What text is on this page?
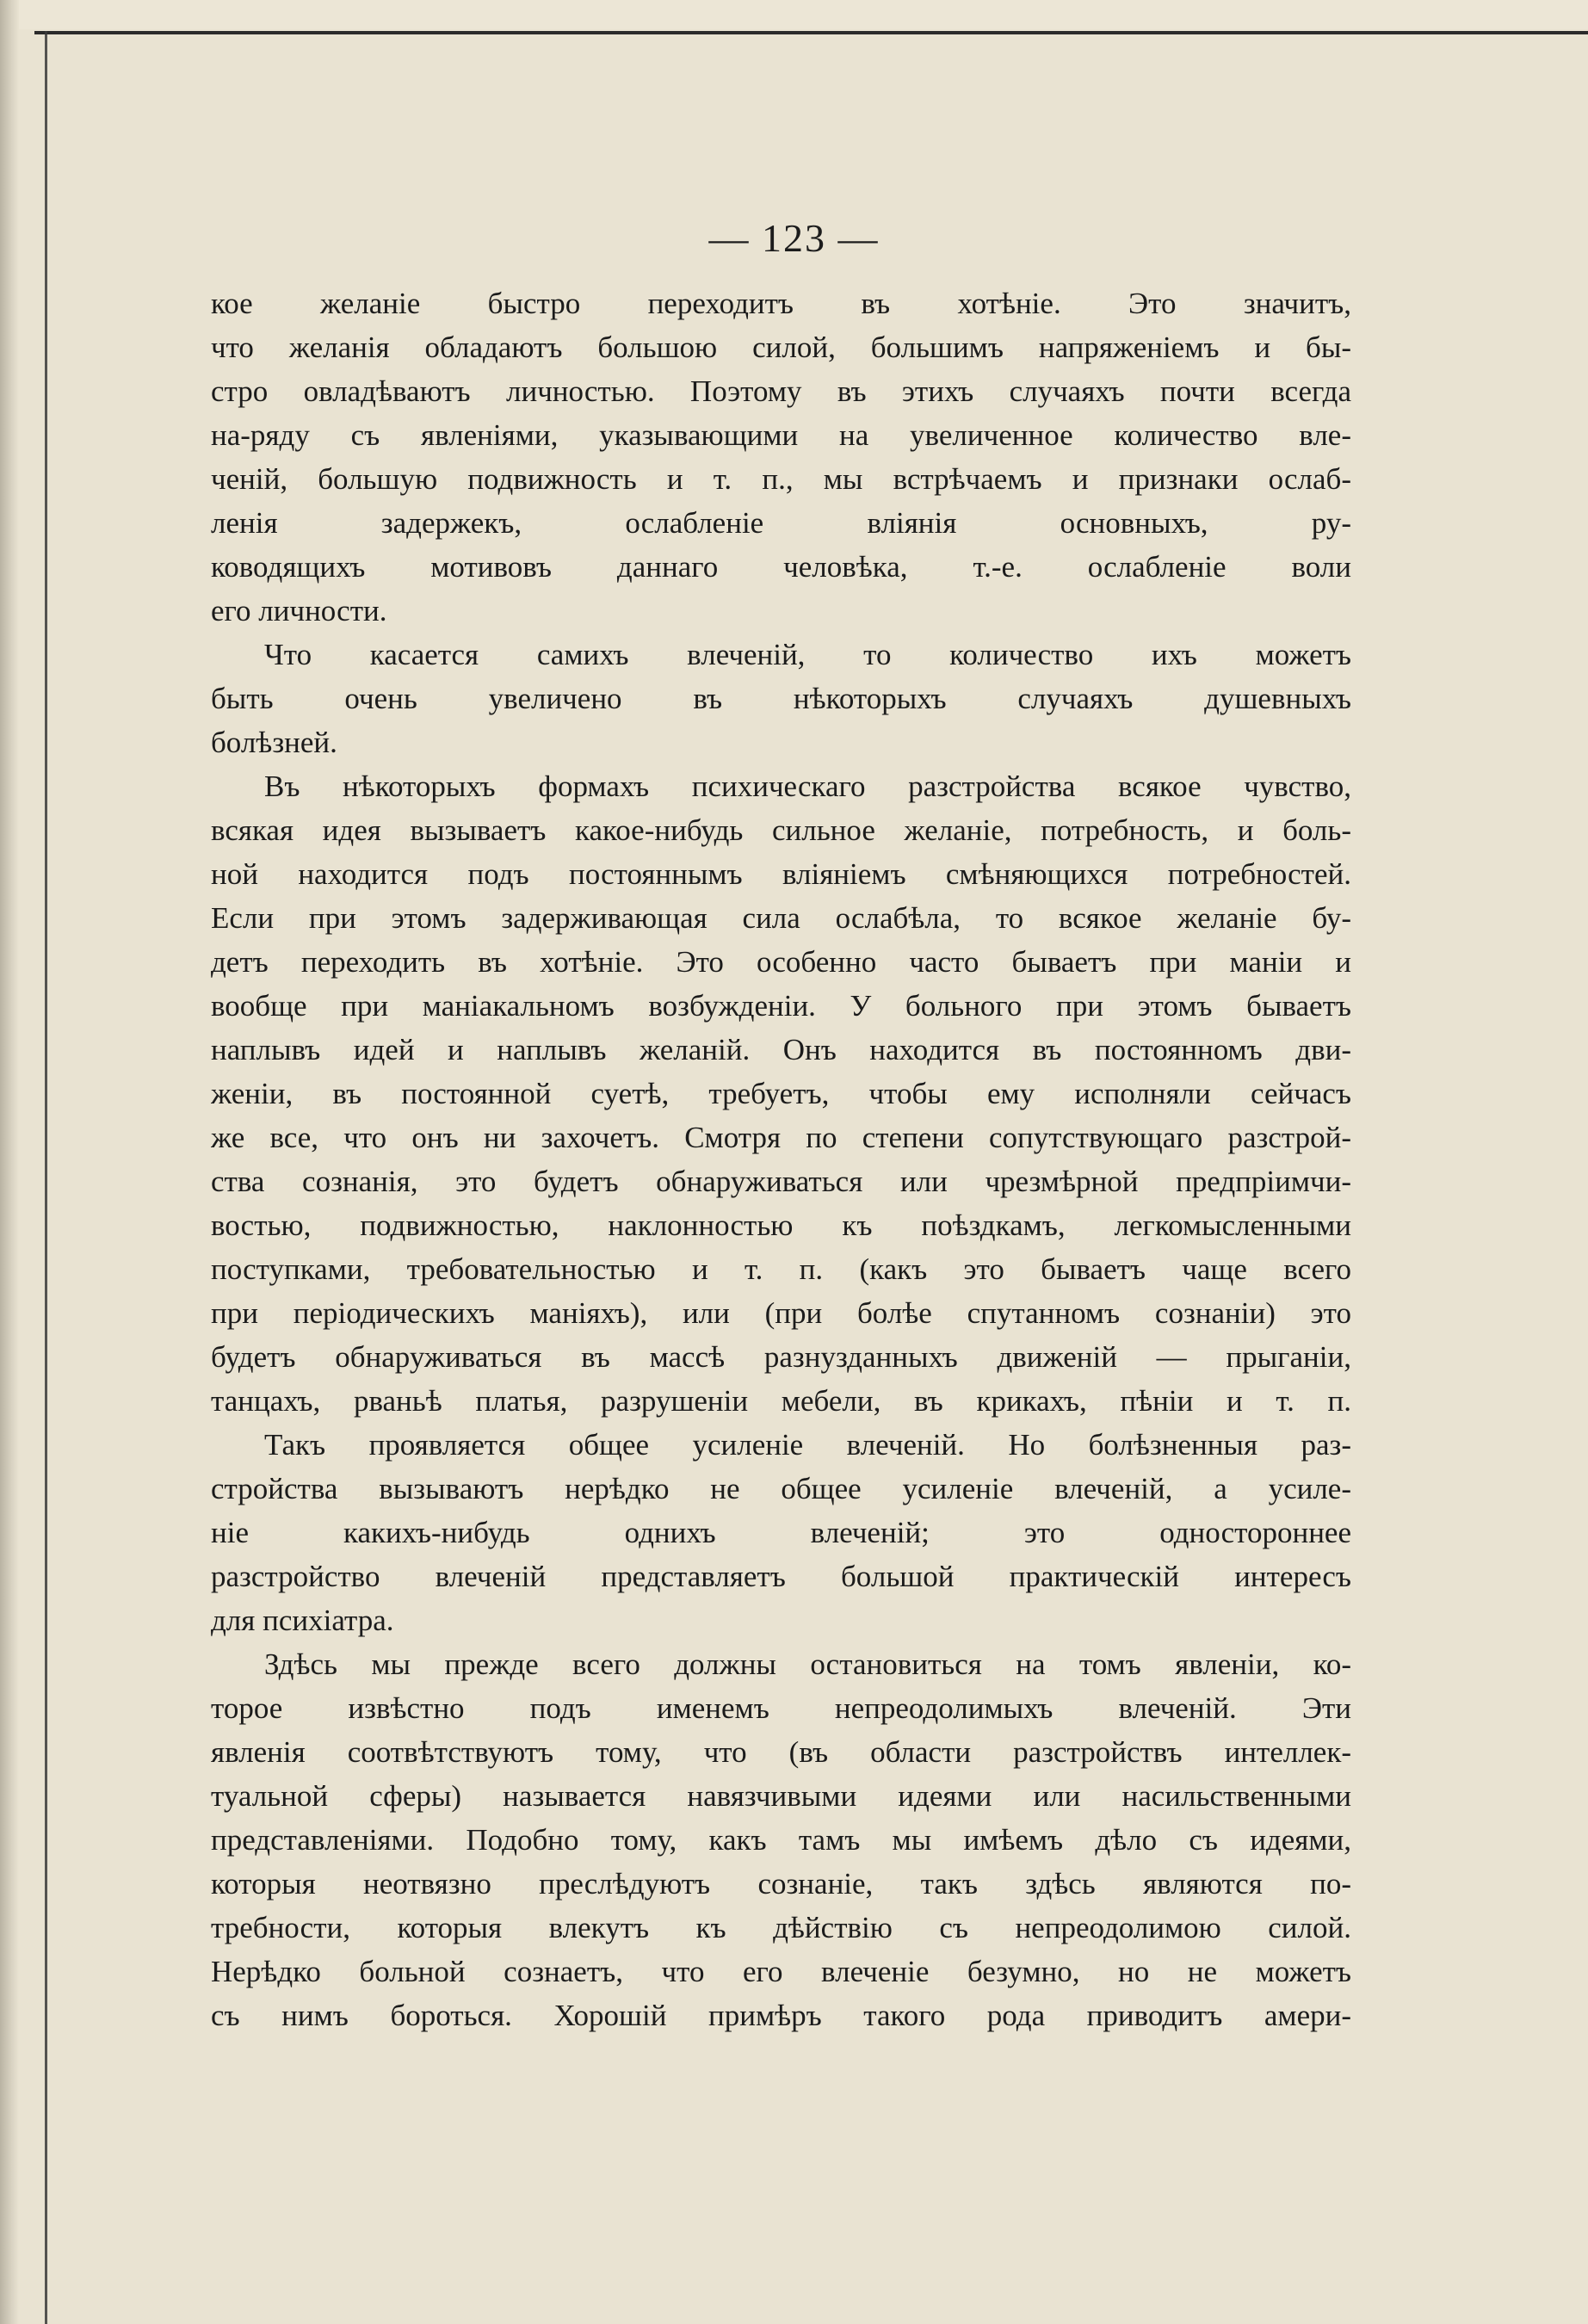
— 123 —
кое желаніе быстро переходитъ въ хотѣніе. Это значитъ,
что желанія обладаютъ большою силой, большимъ напряженіемъ и бы-
стро овладѣваютъ личностью. Поэтому въ этихъ случаяхъ почти всегда
на-ряду съ явленіями, указывающими на увеличенное количество вле-
ченій, большую подвижность и т. п., мы встрѣчаемъ и признаки ослаб-
ленія задержекъ, ослабленіе вліянія основныхъ, ру-
ководящихъ мотивовъ даннаго человѣка, т.-е. ослабленіе воли
его личности.
Что касается самихъ влеченій, то количество ихъ можетъ
быть очень увеличено въ нѣкоторыхъ случаяхъ душевныхъ
болѣзней.
Въ нѣкоторыхъ формахъ психическаго разстройства всякое чувство,
всякая идея вызываетъ какое-нибудь сильное желаніе, потребность, и боль-
ной находится подъ постояннымъ вліяніемъ смѣняющихся потребностей.
Если при этомъ задерживающая сила ослабѣла, то всякое желаніе бу-
детъ переходить въ хотѣніе. Это особенно часто бываетъ при маніи и
вообще при маніакальномъ возбужденіи. У больного при этомъ бываетъ
наплывъ идей и наплывъ желаній. Онъ находится въ постоянномъ дви-
женіи, въ постоянной суетѣ, требуетъ, чтобы ему исполняли сейчасъ
же все, что онъ ни захочетъ. Смотря по степени сопутствующаго разстрой-
ства сознанія, это будетъ обнаруживаться или чрезмѣрной предпріимчи-
востью, подвижностью, наклонностью къ поѣздкамъ, легкомысленными
поступками, требовательностью и т. п. (какъ это бываетъ чаще всего
при періодическихъ маніяхъ), или (при болѣе спутанномъ сознаніи) это
будетъ обнаруживаться въ массѣ разнузданныхъ движеній — прыганіи,
танцахъ, рваньѣ платья, разрушеніи мебели, въ крикахъ, пѣніи и т. п.
Такъ проявляется общее усиленіе влеченій. Но болѣзненныя раз-
стройства вызываютъ нерѣдко не общее усиленіе влеченій, а усиле-
ніе какихъ-нибудь однихъ влеченій; это одностороннее
разстройство влеченій представляетъ большой практическій интересъ
для психіатра.
Здѣсь мы прежде всего должны остановиться на томъ явленіи, ко-
торое извѣстно подъ именемъ непреодолимыхъ влеченій. Эти
явленія соотвѣтствуютъ тому, что (въ области разстройствъ интеллек-
туальной сферы) называется навязчивыми идеями или насильственными
представленіями. Подобно тому, какъ тамъ мы имѣемъ дѣло съ идеями,
которыя неотвязно преслѣдуютъ сознаніе, такъ здѣсь являются по-
требности, которыя влекутъ къ дѣйствію съ непреодолимою силой.
Нерѣдко больной сознаетъ, что его влеченіе безумно, но не можетъ
съ нимъ бороться. Хорошій примѣръ такого рода приводитъ амери-
